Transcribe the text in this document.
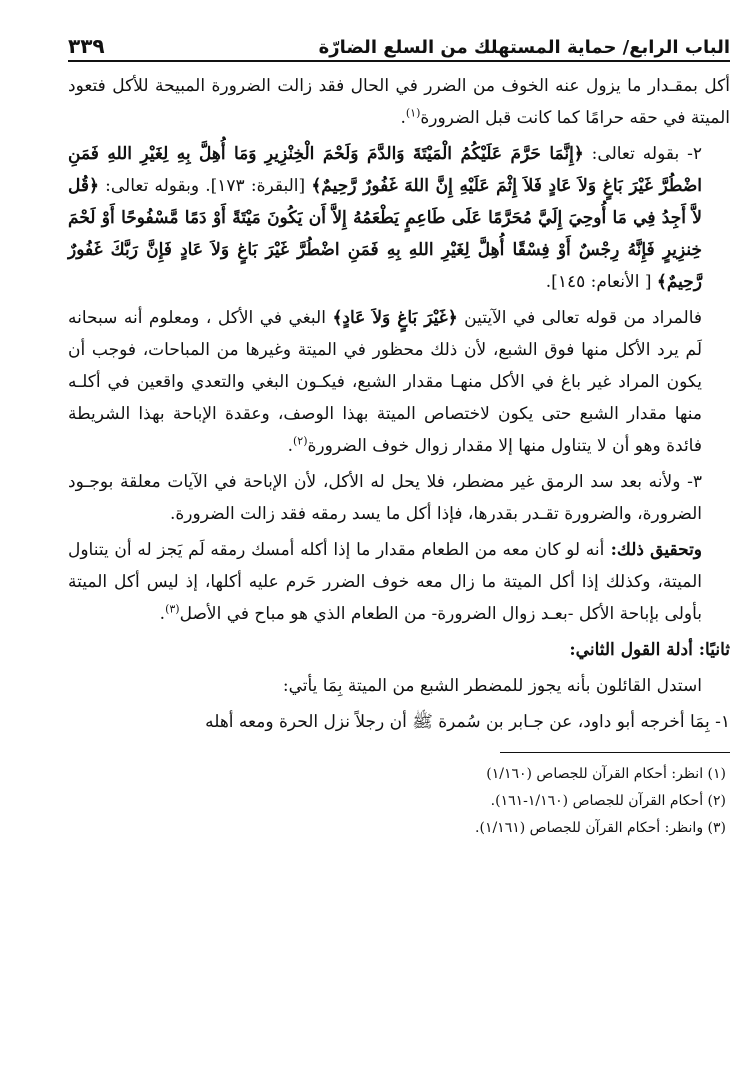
الباب الرابع/ حماية المستهلك من السلع الضارّة
٣٣٩

أكل بمقـدار ما يزول عنه الخوف من الضرر في الحال فقد زالت الضرورة المبيحة للأكل فتعود الميتة في حقه حرامًا كما كانت قبل الضرورة$^{(١)}$.

٢- بقوله تعالى: ﴿إِنَّمَا حَرَّمَ عَلَيْكُمُ الْمَيْتَةَ وَالدَّمَ وَلَحْمَ الْخِنْزِيرِ وَمَا أُهِلَّ بِهِ لِغَيْرِ اللهِ فَمَنِ اضْطُرَّ غَيْرَ بَاغٍ وَلاَ عَادٍ فَلاَ إِثْمَ عَلَيْهِ إِنَّ اللهَ غَفُورٌ رَّحِيمٌ﴾ [البقرة: ١٧٣]. وبقوله تعالى: ﴿قُل لاَّ أَجِدُ فِي مَا أُوحِيَ إِلَيَّ مُحَرَّمًا عَلَى طَاعِمٍ يَطْعَمُهُ إِلاَّ أَن يَكُونَ مَيْتَةً أَوْ دَمًا مَّسْفُوحًا أَوْ لَحْمَ خِنزِيرٍ فَإِنَّهُ رِجْسٌ أَوْ فِسْقًا أُهِلَّ لِغَيْرِ اللهِ بِهِ فَمَنِ اضْطُرَّ غَيْرَ بَاغٍ وَلاَ عَادٍ فَإِنَّ رَبَّكَ غَفُورٌ رَّحِيمٌ﴾ [ الأنعام: ١٤٥].

فالمراد من قوله تعالى في الآيتين ﴿غَيْرَ بَاغٍ وَلاَ عَادٍ﴾ البغي في الأكل ، ومعلوم أنه سبحانه لَم يرد الأكل منها فوق الشبع، لأن ذلك محظور في الميتة وغيرها من المباحات، فوجب أن يكون المراد غير باغ في الأكل منهـا مقدار الشبع، فيكـون البغي والتعدي واقعين في أكلـه منها مقدار الشبع حتى يكون لاختصاص الميتة بهذا الوصف، وعقدة الإباحة بهذا الشريطة فائدة وهو أن لا يتناول منها إلا مقدار زوال خوف الضرورة$^{(٢)}$.

٣- ولأنه بعد سد الرمق غير مضطر، فلا يحل له الأكل، لأن الإباحة في الآيات معلقة بوجـود الضرورة، والضرورة تقـدر بقدرها، فإذا أكل ما يسد رمقه فقد زالت الضرورة.

وتحقيق ذلك: أنه لو كان معه من الطعام مقدار ما إذا أكله أمسك رمقه لَم يَجز له أن يتناول الميتة، وكذلك إذا أكل الميتة ما زال معه خوف الضرر حَرم عليه أكلها، إذ ليس أكل الميتة بأولى بإباحة الأكل -بعـد زوال الضرورة- من الطعام الذي هو مباح في الأصل$^{(٣)}$.

ثانيًا: أدلة القول الثاني:

استدل القائلون بأنه يجوز للمضطر الشبع من الميتة بِمَا يأتي:

١- بِمَا أخرجه أبو داود، عن جـابر بن سُمرة ﷺ أن رجلاً نزل الحرة ومعه أهله

(١) انظر: أحكام القرآن للجصاص (١/١٦٠)

(٢) أحكام القرآن للجصاص (١/١٦٠-١٦١).

(٣) وانظر: أحكام القرآن للجصاص (١/١٦١).
